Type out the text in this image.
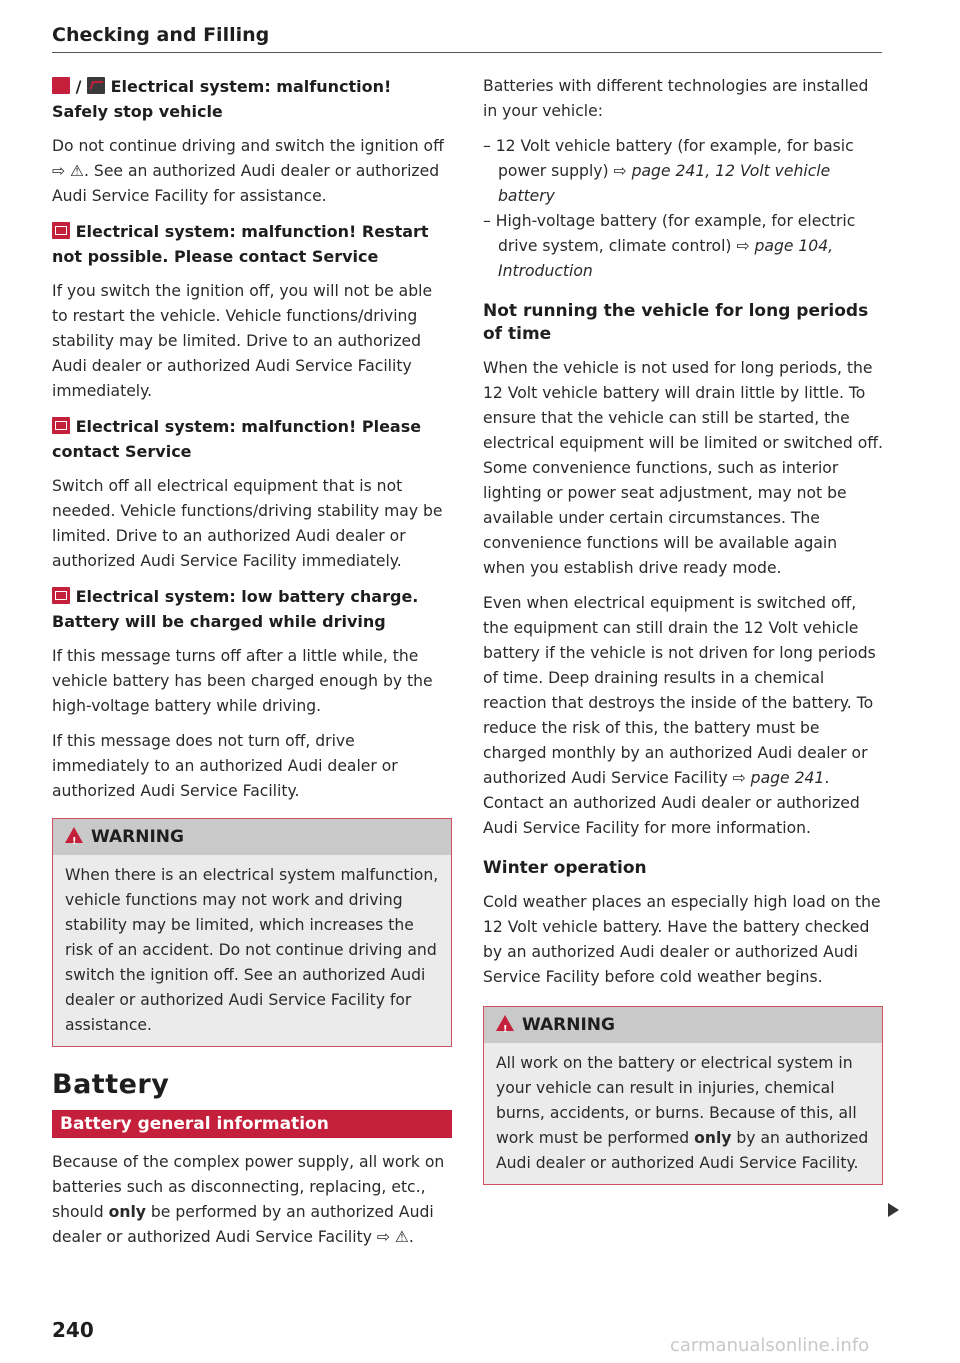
Checking and Filling
/ Electrical system: malfunction! Safely stop vehicle
Do not continue driving and switch the ignition off ⇨ ⚠. See an authorized Audi dealer or authorized Audi Service Facility for assistance.
Electrical system: malfunction! Restart not possible. Please contact Service
If you switch the ignition off, you will not be able to restart the vehicle. Vehicle functions/driving stability may be limited. Drive to an authorized Audi dealer or authorized Audi Service Facility immediately.
Electrical system: malfunction! Please contact Service
Switch off all electrical equipment that is not needed. Vehicle functions/driving stability may be limited. Drive to an authorized Audi dealer or authorized Audi Service Facility immediately.
Electrical system: low battery charge. Battery will be charged while driving
If this message turns off after a little while, the vehicle battery has been charged enough by the high-voltage battery while driving.
If this message does not turn off, drive immediately to an authorized Audi dealer or authorized Audi Service Facility.
!WARNING
When there is an electrical system malfunction, vehicle functions may not work and driving stability may be limited, which increases the risk of an accident. Do not continue driving and switch the ignition off. See an authorized Audi dealer or authorized Audi Service Facility for assistance.
Battery
Battery general information
Because of the complex power supply, all work on batteries such as disconnecting, replacing, etc., should only be performed by an authorized Audi dealer or authorized Audi Service Facility ⇨ ⚠.
Batteries with different technologies are installed in your vehicle:
– 12 Volt vehicle battery (for example, for basic power supply) ⇨ page 241, 12 Volt vehicle battery
– High-voltage battery (for example, for electric drive system, climate control) ⇨ page 104, Introduction
Not running the vehicle for long periods of time
When the vehicle is not used for long periods, the 12 Volt vehicle battery will drain little by little. To ensure that the vehicle can still be started, the electrical equipment will be limited or switched off. Some convenience functions, such as interior lighting or power seat adjustment, may not be available under certain circumstances. The convenience functions will be available again when you establish drive ready mode.
Even when electrical equipment is switched off, the equipment can still drain the 12 Volt vehicle battery if the vehicle is not driven for long periods of time. Deep draining results in a chemical reaction that destroys the inside of the battery. To reduce the risk of this, the battery must be charged monthly by an authorized Audi dealer or authorized Audi Service Facility ⇨ page 241. Contact an authorized Audi dealer or authorized Audi Service Facility for more information.
Winter operation
Cold weather places an especially high load on the 12 Volt vehicle battery. Have the battery checked by an authorized Audi dealer or authorized Audi Service Facility before cold weather begins.
!WARNING
All work on the battery or electrical system in your vehicle can result in injuries, chemical burns, accidents, or burns. Because of this, all work must be performed only by an authorized Audi dealer or authorized Audi Service Facility.
240
carmanualsonline.info
